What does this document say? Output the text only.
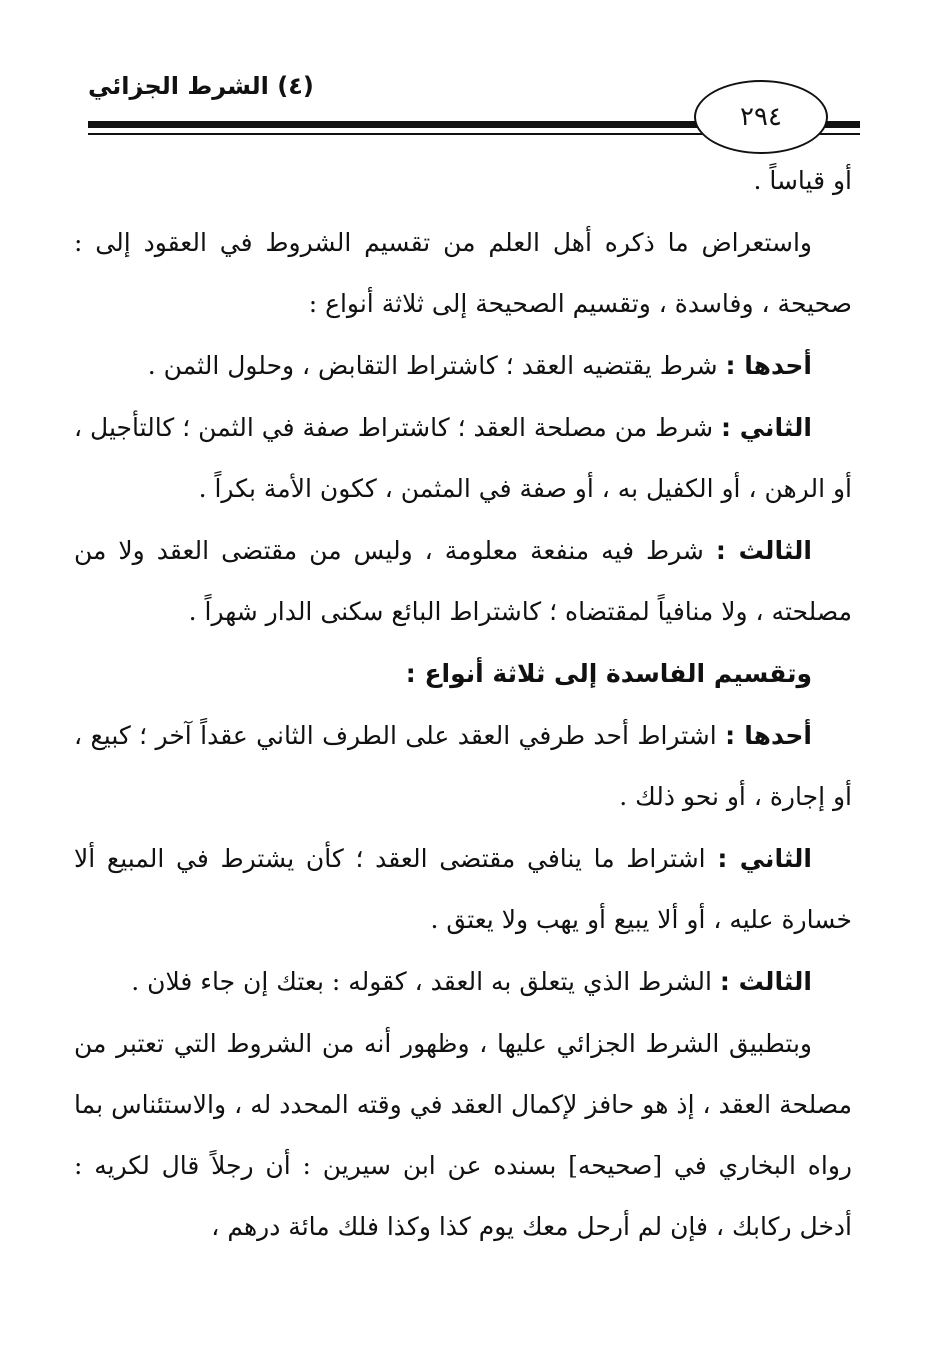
(٤) الشرط الجزائي
٢٩٤

أو قياساً .

واستعراض ما ذكره أهل العلم من تقسيم الشروط في العقود إلى : صحيحة ، وفاسدة ، وتقسيم الصحيحة إلى ثلاثة أنواع :

أحدها : شرط يقتضيه العقد ؛ كاشتراط التقابض ، وحلول الثمن .

الثاني : شرط من مصلحة العقد ؛ كاشتراط صفة في الثمن ؛ كالتأجيل ، أو الرهن ، أو الكفيل به ، أو صفة في المثمن ، ككون الأمة بكراً .

الثالث : شرط فيه منفعة معلومة ، وليس من مقتضى العقد ولا من مصلحته ، ولا منافياً لمقتضاه ؛ كاشتراط البائع سكنى الدار شهراً .

وتقسيم الفاسدة إلى ثلاثة أنواع :

أحدها : اشتراط أحد طرفي العقد على الطرف الثاني عقداً آخر ؛ كبيع ، أو إجارة ، أو نحو ذلك .

الثاني : اشتراط ما ينافي مقتضى العقد ؛ كأن يشترط في المبيع ألا خسارة عليه ، أو ألا يبيع أو يهب ولا يعتق .

الثالث : الشرط الذي يتعلق به العقد ، كقوله : بعتك إن جاء فلان .

وبتطبيق الشرط الجزائي عليها ، وظهور أنه من الشروط التي تعتبر من مصلحة العقد ، إذ هو حافز لإكمال العقد في وقته المحدد له ، والاستئناس بما رواه البخاري في [صحيحه] بسنده عن ابن سيرين : أن رجلاً قال لكريه : أدخل ركابك ، فإن لم أرحل معك يوم كذا وكذا فلك مائة درهم ،
